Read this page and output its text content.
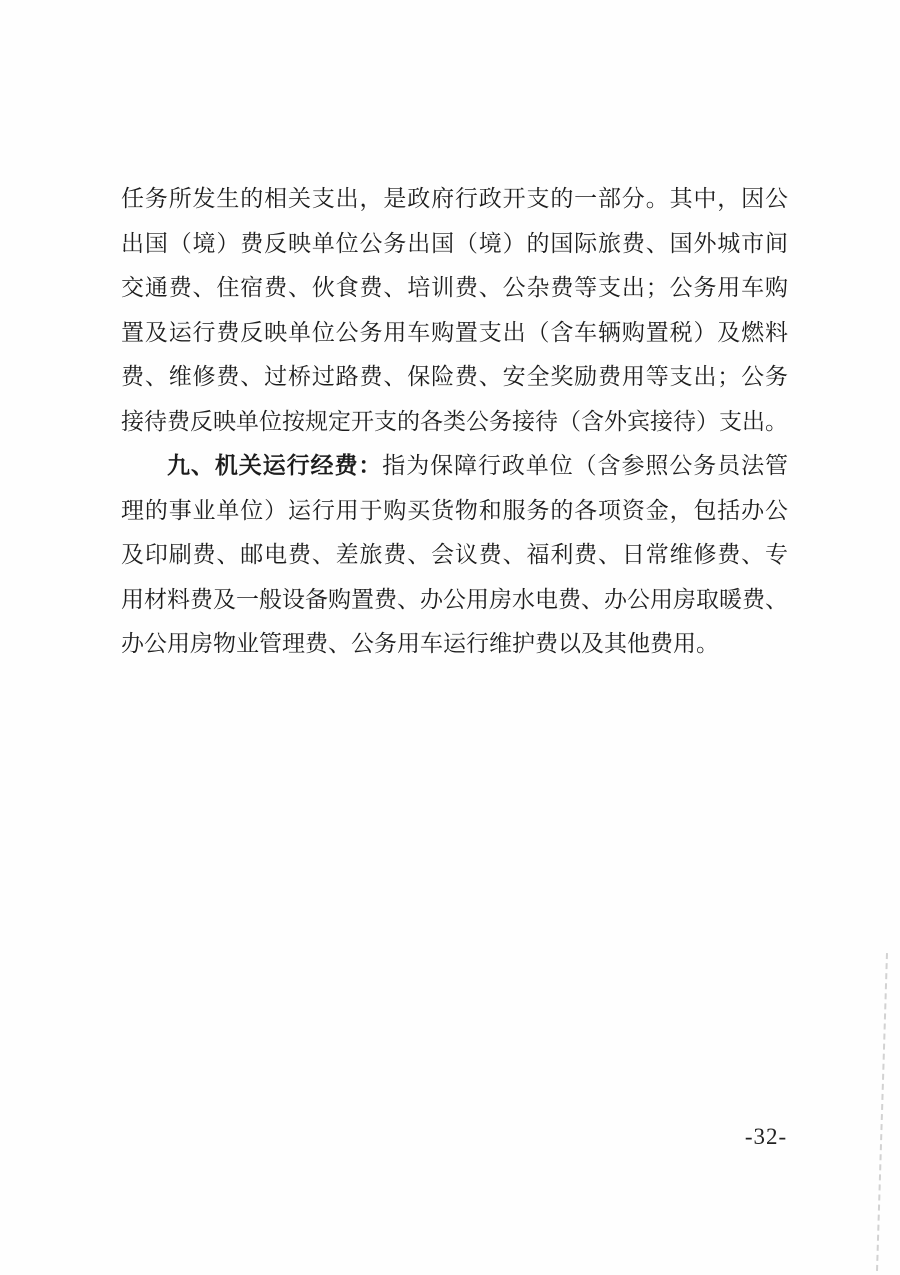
任务所发生的相关支出，是政府行政开支的一部分。其中，因公
出国（境）费反映单位公务出国（境）的国际旅费、国外城市间
交通费、住宿费、伙食费、培训费、公杂费等支出；公务用车购
置及运行费反映单位公务用车购置支出（含车辆购置税）及燃料
费、维修费、过桥过路费、保险费、安全奖励费用等支出；公务
接待费反映单位按规定开支的各类公务接待（含外宾接待）支出。
九、机关运行经费：指为保障行政单位（含参照公务员法管
理的事业单位）运行用于购买货物和服务的各项资金，包括办公
及印刷费、邮电费、差旅费、会议费、福利费、日常维修费、专
用材料费及一般设备购置费、办公用房水电费、办公用房取暖费、
办公用房物业管理费、公务用车运行维护费以及其他费用。
-32-
